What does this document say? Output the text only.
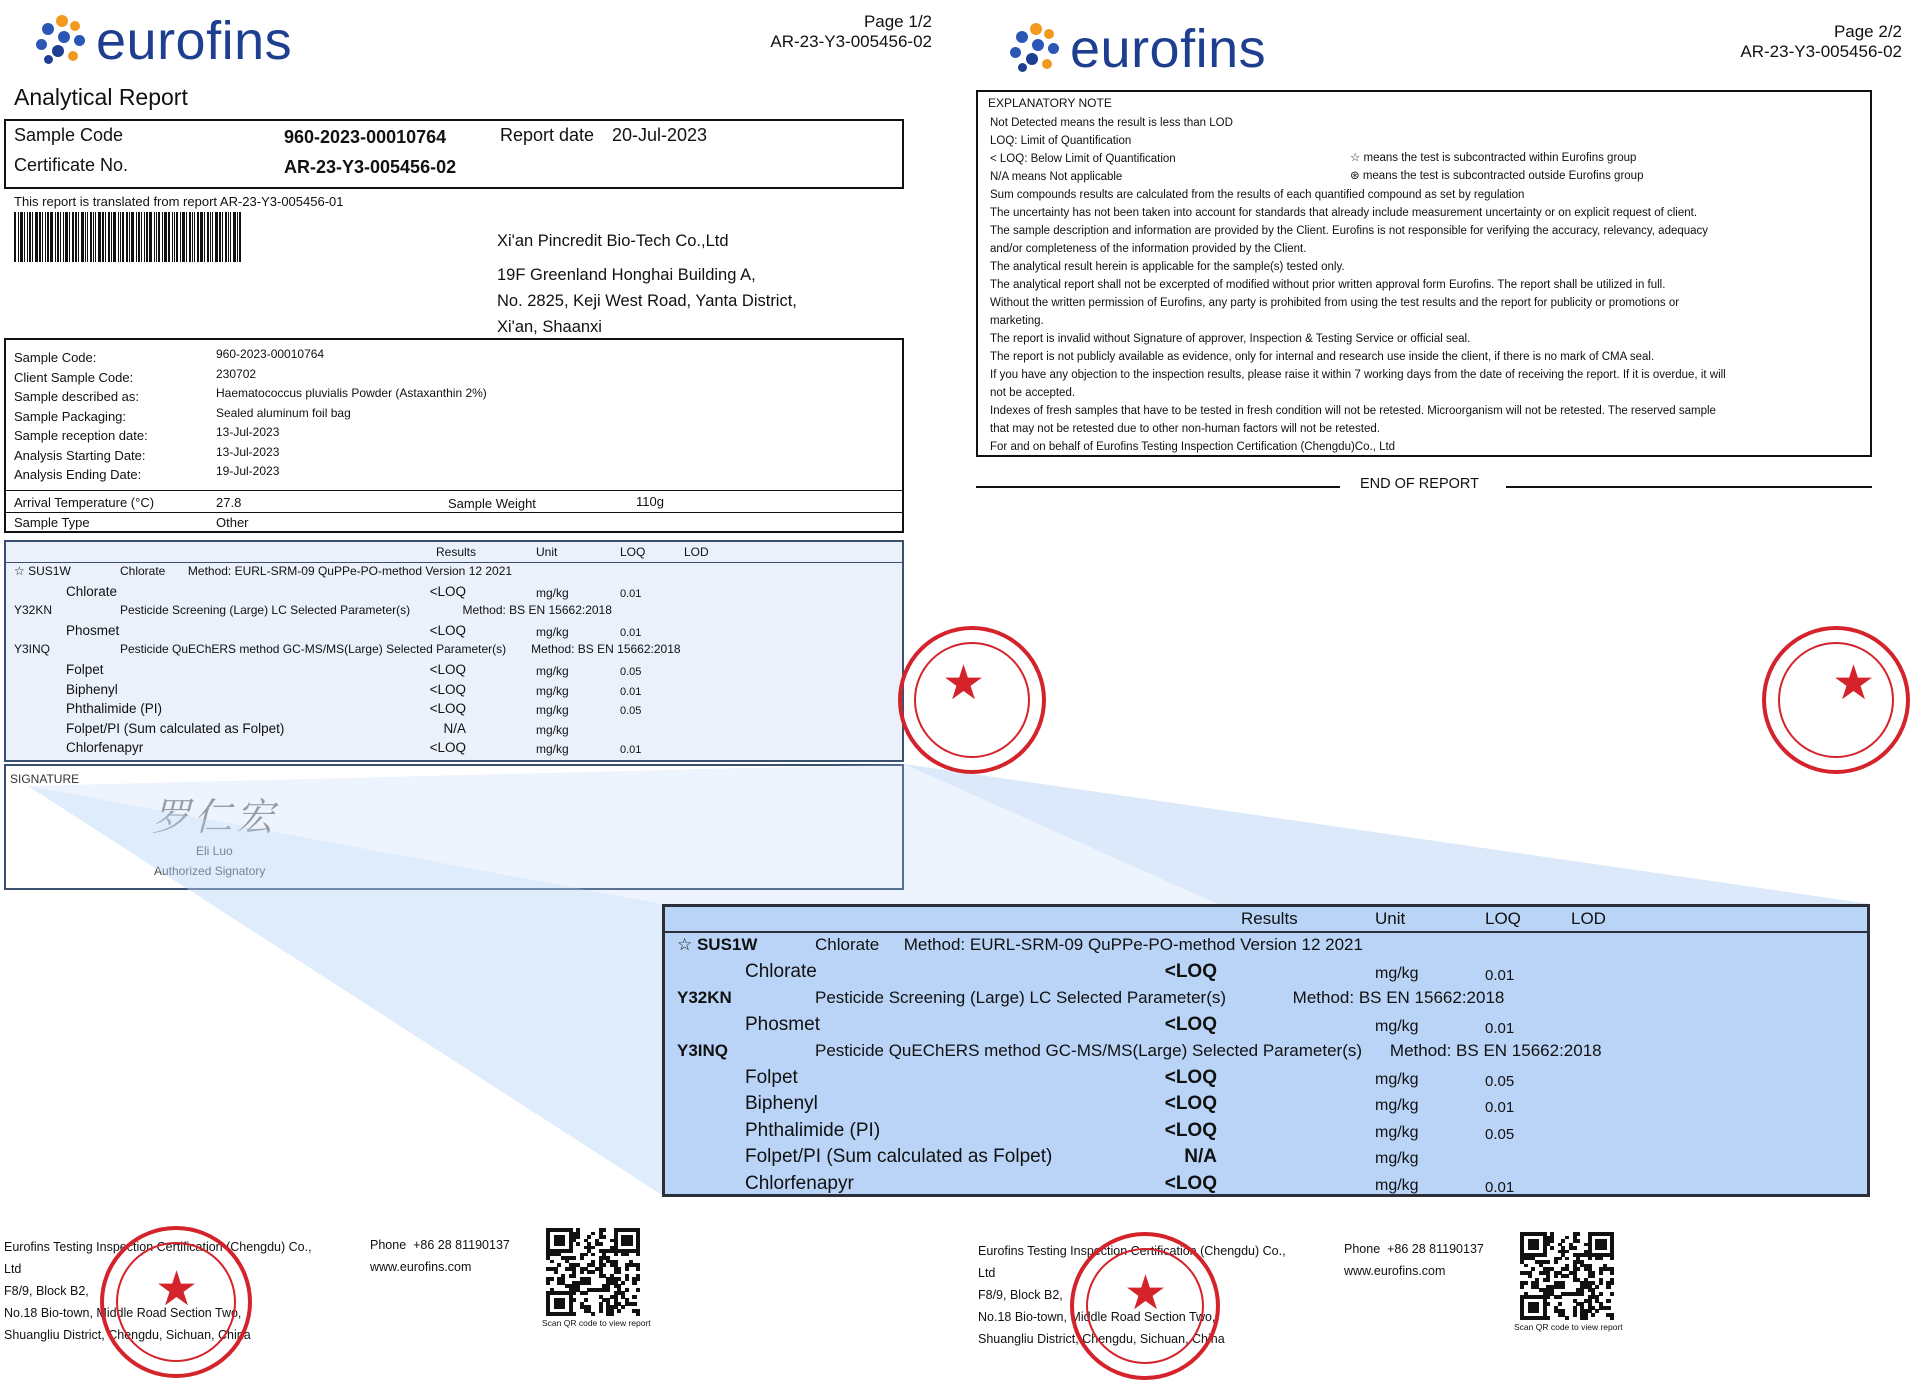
eurofins	Page 1/2
AR-23-Y3-005456-02
Analytical Report
Sample Code	960-2023-00010764	Report date 20-Jul-2023
Certificate No.	AR-23-Y3-005456-02
This report is translated from report AR-23-Y3-005456-01
Xi'an Pincredit Bio-Tech Co.,Ltd
19F Greenland Honghai Building A,
No. 2825, Keji West Road, Yanta District,
Xi'an, Shaanxi
Sample Code:	960-2023-00010764
Client Sample Code:	230702
Sample described as:	Haematococcus pluvialis Powder (Astaxanthin 2%)
Sample Packaging:	Sealed aluminum foil bag
Sample reception date:	13-Jul-2023
Analysis Starting Date:	13-Jul-2023
Analysis Ending Date:	19-Jul-2023
Arrival Temperature (°C)	27.8	Sample Weight	110g
Sample Type	Other
Results	Unit	LOQ	LOD
☆ SUS1W	Chlorate Method: EURL-SRM-09 QuPPe-PO-method Version 12 2021
Chlorate	<LOQ	mg/kg	0.01
Y32KN	Pesticide Screening (Large) LC Selected Parameter(s)	Method: BS EN 15662:2018
Phosmet	<LOQ	mg/kg	0.01
Y3INQ	Pesticide QuEChERS method GC-MS/MS(Large) Selected Parameter(s) Method: BS EN 15662:2018
Folpet	<LOQ	mg/kg	0.05
Biphenyl	<LOQ	mg/kg	0.01
Phthalimide (PI)	<LOQ	mg/kg	0.05
Folpet/PI (Sum calculated as Folpet)	N/A	mg/kg
Chlorfenapyr	<LOQ	mg/kg	0.01
SIGNATURE
罗仁宏
Eli Luo
Authorized Signatory
Results	Unit	LOQ	LOD
☆ SUS1W	Chlorate Method: EURL-SRM-09 QuPPe-PO-method Version 12 2021
Chlorate	<LOQ	mg/kg	0.01
Y32KN	Pesticide Screening (Large) LC Selected Parameter(s)	Method: BS EN 15662:2018
Phosmet	<LOQ	mg/kg	0.01
Y3INQ	Pesticide QuEChERS method GC-MS/MS(Large) Selected Parameter(s) Method: BS EN 15662:2018
Folpet	<LOQ	mg/kg	0.05
Biphenyl	<LOQ	mg/kg	0.01
Phthalimide (PI)	<LOQ	mg/kg	0.05
Folpet/PI (Sum calculated as Folpet)	N/A	mg/kg
Chlorfenapyr	<LOQ	mg/kg	0.01
eurofins	Page 2/2
AR-23-Y3-005456-02
EXPLANATORY NOTE
Not Detected means the result is less than LOD
LOQ: Limit of Quantification
< LOQ: Below Limit of Quantification
N/A means Not applicable
Sum compounds results are calculated from the results of each quantified compound as set by regulation
The uncertainty has not been taken into account for standards that already include measurement uncertainty or on explicit request of client.
The sample description and information are provided by the Client. Eurofins is not responsible for verifying the accuracy, relevancy, adequacy
and/or completeness of the information provided by the Client.
The analytical result herein is applicable for the sample(s) tested only.
The analytical report shall not be excerpted of modified without prior written approval form Eurofins. The report shall be utilized in full.
Without the written permission of Eurofins, any party is prohibited from using the test results and the report for publicity or promotions or
marketing.
The report is invalid without Signature of approver, Inspection & Testing Service or official seal.
The report is not publicly available as evidence, only for internal and research use inside the client, if there is no mark of CMA seal.
If you have any objection to the inspection results, please raise it within 7 working days from the date of receiving the report. If it is overdue, it will
not be accepted.
Indexes of fresh samples that have to be tested in fresh condition will not be retested. Microorganism will not be retested. The reserved sample
that may not be retested due to other non-human factors will not be retested.
For and on behalf of Eurofins Testing Inspection Certification (Chengdu)Co., Ltd
☆ means the test is subcontracted within Eurofins group
⊛ means the test is subcontracted outside Eurofins group
END OF REPORT
★	★
Eurofins Testing Inspection Certification (Chengdu) Co.,
Ltd
F8/9, Block B2,
No.18 Bio-town, Middle Road Section Two,
Shuangliu District, Chengdu, Sichuan, China
★
Phone +86 28 81190137
www.eurofins.com
Scan QR code to view report
Eurofins Testing Inspection Certification (Chengdu) Co.,
Ltd
F8/9, Block B2,
No.18 Bio-town, Middle Road Section Two,
Shuangliu District, Chengdu, Sichuan, China
★
Phone +86 28 81190137
www.eurofins.com
Scan QR code to view report
